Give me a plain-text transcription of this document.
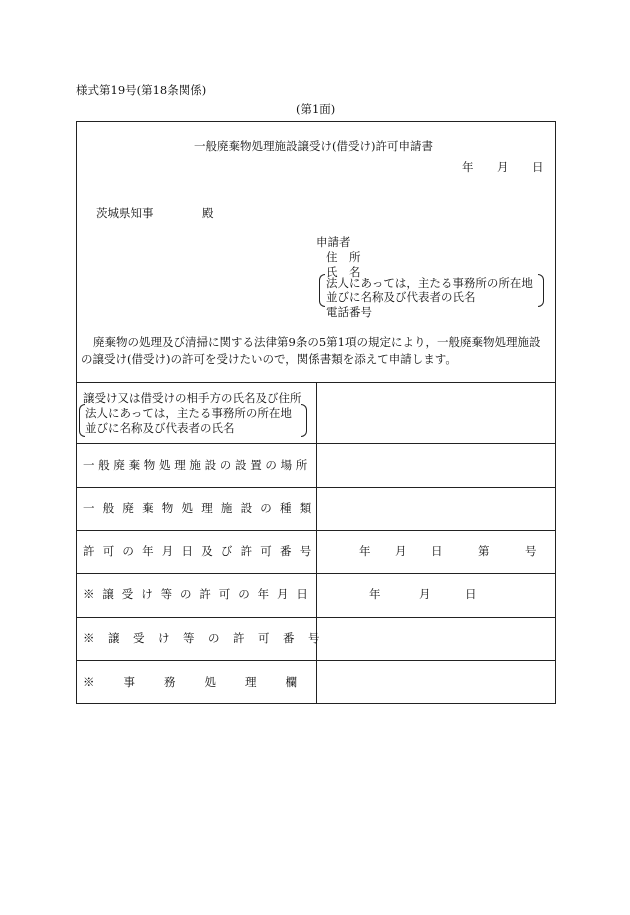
様式第19号(第18条関係)
(第1面)
一般廃棄物処理施設譲受け(借受け)許可申請書
年 月 日
茨城県知事	殿
申請者
住　所
氏　名
法人にあっては，主たる事務所の所在地
並びに名称及び代表者の氏名
電話番号
廃棄物の処理及び清掃に関する法律第9条の5第1項の規定により，一般廃棄物処理施設の譲受け(借受け)の許可を受けたいので，関係書類を添えて申請します。
譲受け又は借受けの相手方の氏名及び住所
法人にあっては，主たる事務所の所在地
並びに名称及び代表者の氏名
一般廃棄物処理施設の設置の場所
一般廃棄物処理施設の種類
許可の年月日及び許可番号	年 月 日	第	号
※譲受け等の許可の年月日	年	月	日
※譲受け等の許可番号
※事務処理欄
